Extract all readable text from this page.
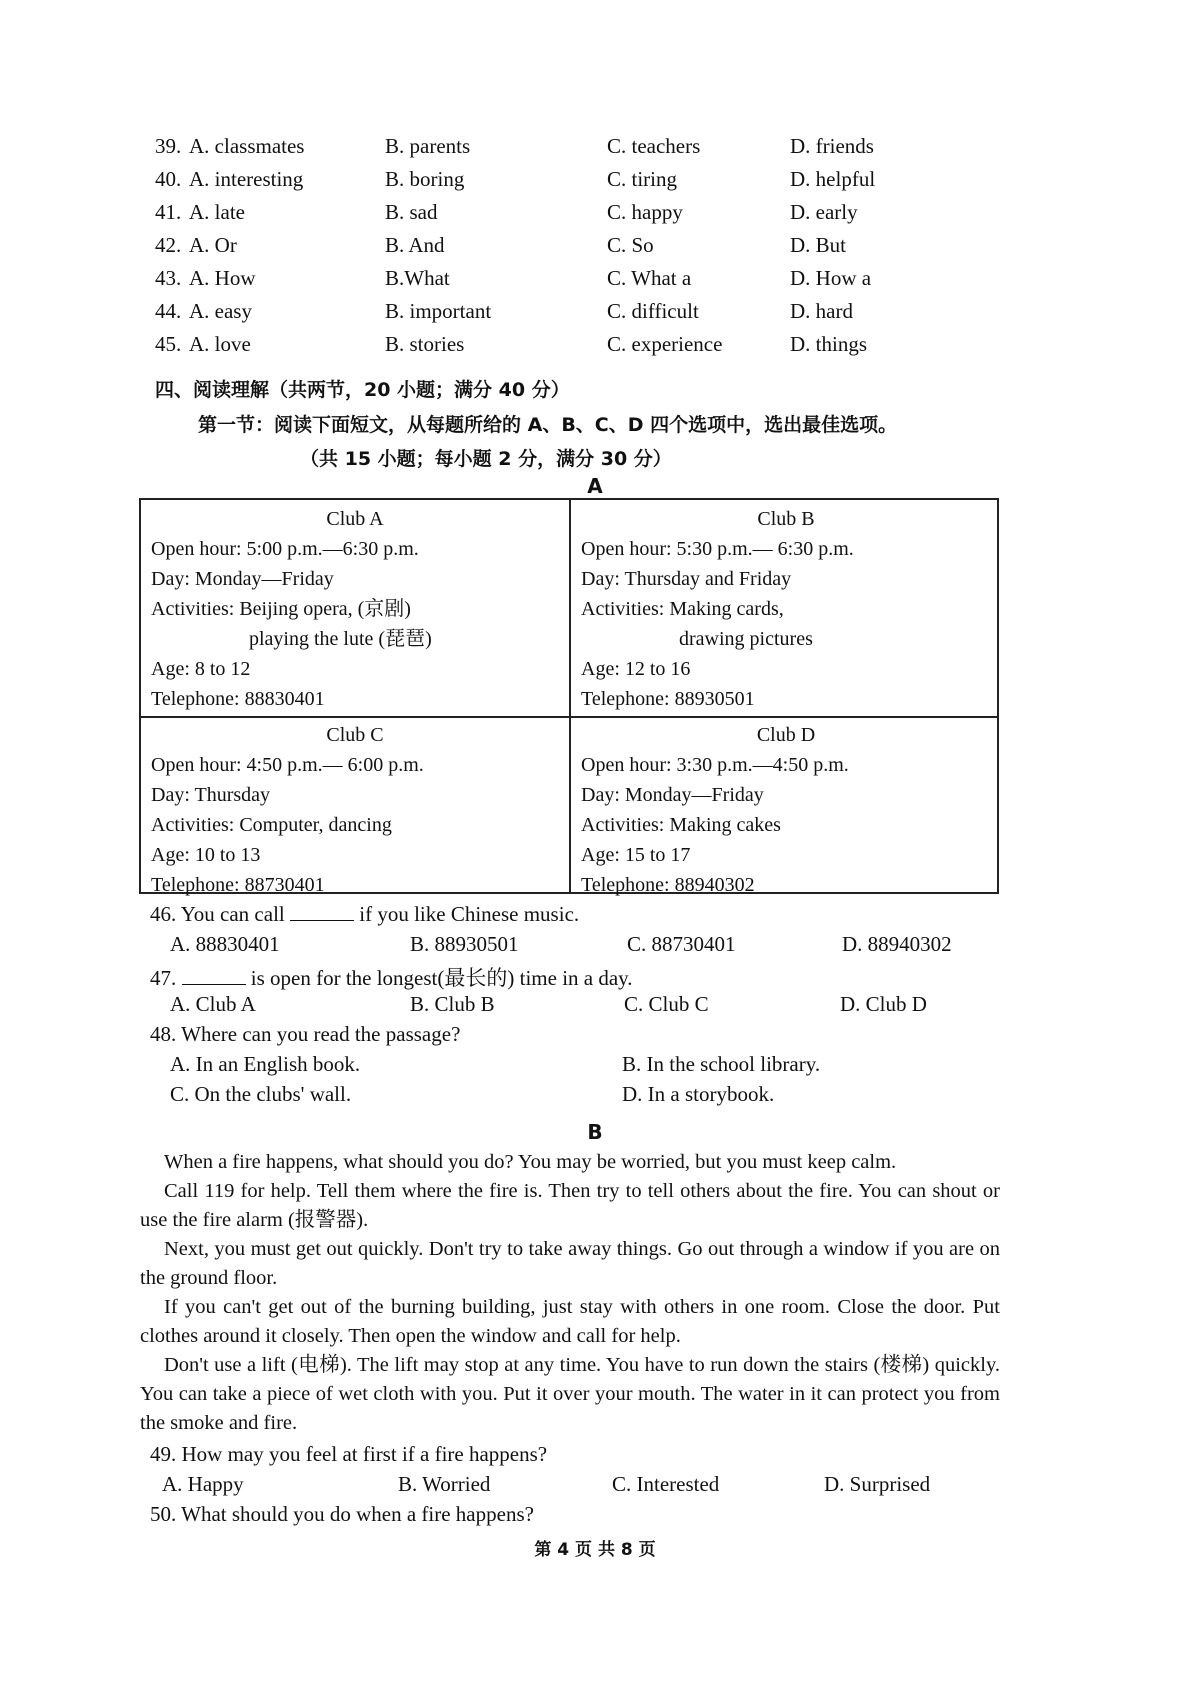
39. A. classmates	B. parents	C. teachers	D. friends
40. A. interesting	B. boring	C. tiring	D. helpful
41. A. late	B. sad	C. happy	D. early
42. A. Or	B. And	C. So	D. But
43. A. How	B.What	C. What a	D. How a
44. A. easy	B. important	C. difficult	D. hard
45. A. love	B. stories	C. experience	D. things
四、阅读理解（共两节，20 小题；满分 40 分）
第一节：阅读下面短文，从每题所给的 A、B、C、D 四个选项中，选出最佳选项。
（共 15 小题；每小题 2 分，满分 30 分）
A
Club A
Open hour: 5:00 p.m.—6:30 p.m.
Day: Monday—Friday
Activities: Beijing opera, (京剧)
playing the lute (琵琶)
Age: 8 to 12
Telephone: 88830401
Club B
Open hour: 5:30 p.m.— 6:30 p.m.
Day: Thursday and Friday
Activities: Making cards,
drawing pictures
Age: 12 to 16
Telephone: 88930501
Club C
Open hour: 4:50 p.m.— 6:00 p.m.
Day: Thursday
Activities: Computer, dancing
Age: 10 to 13
Telephone: 88730401
Club D
Open hour: 3:30 p.m.—4:50 p.m.
Day: Monday—Friday
Activities: Making cakes
Age: 15 to 17
Telephone: 88940302
46. You can call	if you like Chinese music.
A. 88830401	B. 88930501	C. 88730401	D. 88940302
47.	is open for the longest(最长的) time in a day.
A. Club A	B. Club B	C. Club C	D. Club D
48. Where can you read the passage?
A. In an English book.	B. In the school library.
C. On the clubs' wall.	D. In a storybook.
B

When a fire happens, what should you do? You may be worried, but you must keep calm.

Call 119 for help. Tell them where the fire is. Then try to tell others about the fire. You can shout or use the fire alarm (报警器).

Next, you must get out quickly. Don't try to take away things. Go out through a window if you are on the ground floor.

If you can't get out of the burning building, just stay with others in one room. Close the door. Put clothes around it closely. Then open the window and call for help.

Don't use a lift (电梯). The lift may stop at any time. You have to run down the stairs (楼梯) quickly. You can take a piece of wet cloth with you. Put it over your mouth. The water in it can protect you from the smoke and fire.

49. How may you feel at first if a fire happens?
A. Happy	B. Worried	C. Interested	D. Surprised
50. What should you do when a fire happens?
第 4 页 共 8 页
